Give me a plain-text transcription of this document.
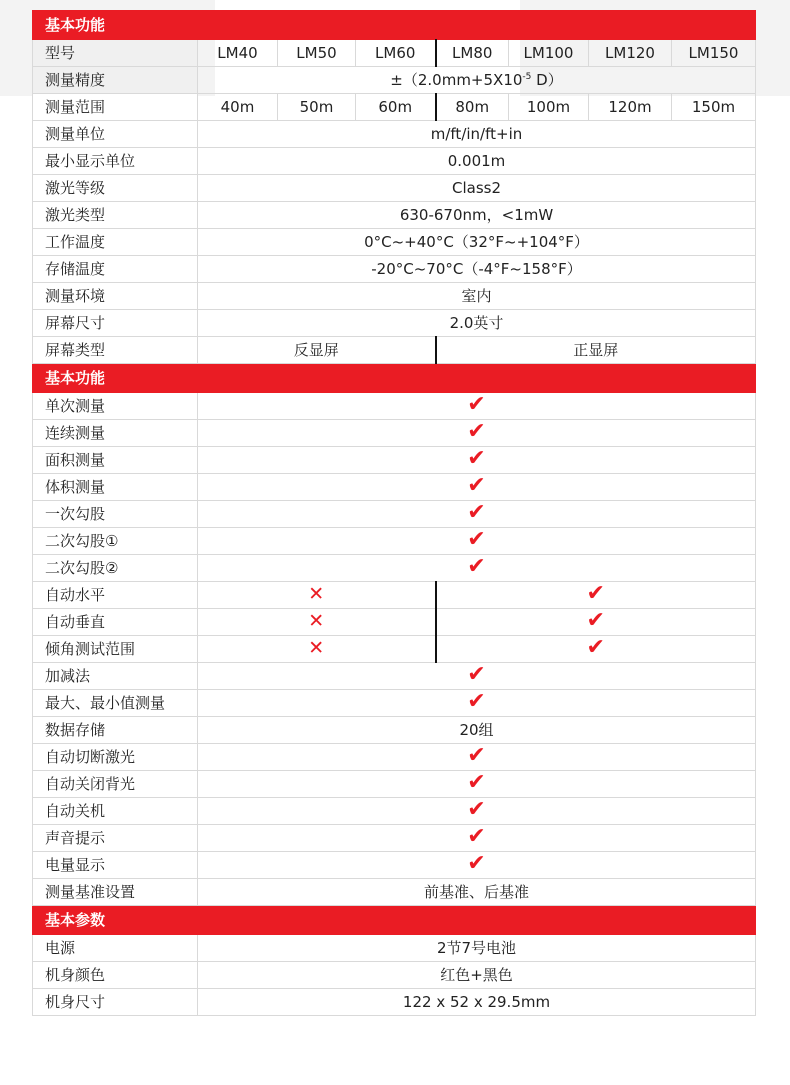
基本功能							
型号	LM40	LM50	LM60	LM80	LM100	LM120	LM150
测量精度	$\pm(2.0mm+5X10^{-5}$ D）						
测量范围	40m	50m	60m	80m	100m	120m	150m
测量单位	m/ft/in/ft+in						
最小显示单位	0.001m						
激光等级	Class2						
激光类型	630-670nm，<1mW						
工作温度	0°C~+40°C（32°F~+104°F）						
存储温度	-20°C~70°C（-4°F~158°F）						
测量环境	室内						
屏幕尺寸	2.0英寸						
屏幕类型	反显屏			正显屏			
基本功能							
单次测量	✔						
连续测量	✔						
面积测量	✔						
体积测量	✔						
一次勾股	✔						
二次勾股①	✔						
二次勾股②	✔						
自动水平	✕			✔			
自动垂直	✕			✔			
倾角测试范围	✕			✔			
加减法	✔						
最大、最小值测量	✔						
数据存储	20组						
自动切断激光	✔						
自动关闭背光	✔						
自动关机	✔						
声音提示	✔						
电量显示	✔						
测量基准设置	前基准、后基准						
基本参数							
电源	2节7号电池						
机身颜色	红色+黑色						
机身尺寸	122 x 52 x 29.5mm						
